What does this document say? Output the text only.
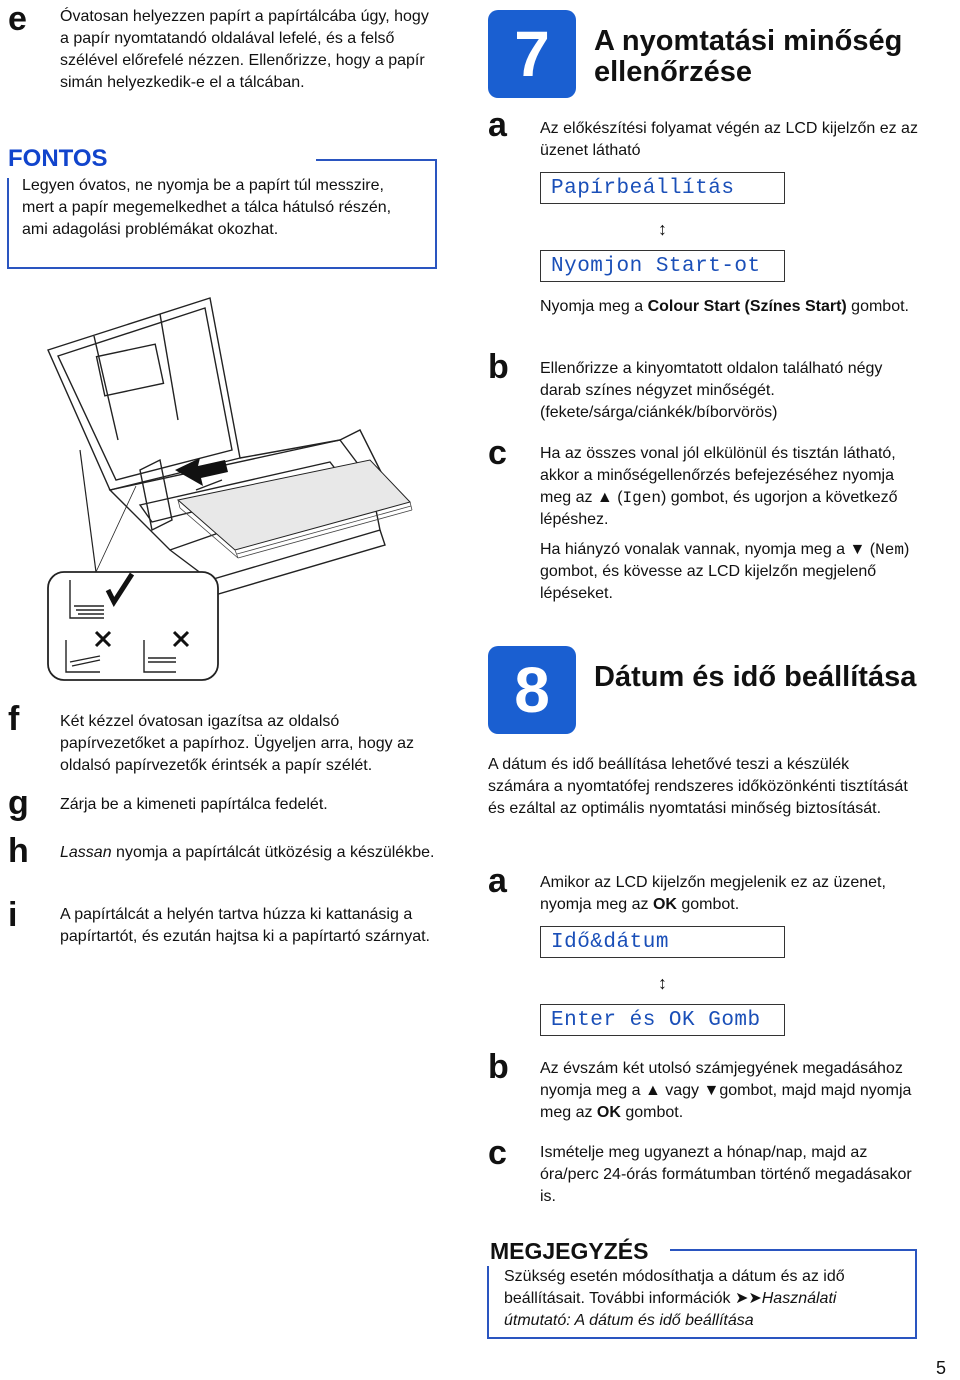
e Óvatosan helyezzen papírt a papírtálcába úgy, hogy a papír nyomtatandó oldalával lefelé, és a felső szélével előrefelé nézzen. Ellenőrizze, hogy a papír simán helyezkedik-e el a tálcában.
FONTOS
Legyen óvatos, ne nyomja be a papírt túl messzire, mert a papír megemelkedhet a tálca hátulsó részén, ami adagolási problémákat okozhat.
f	Két kézzel óvatosan igazítsa az oldalsó papírvezetőket a papírhoz. Ügyeljen arra, hogy az oldalsó papírvezetők érintsék a papír szélét.
g Zárja be a kimeneti papírtálca fedelét.
h Lassan nyomja a papírtálcát ütközésig a készülékbe.
i	A papírtálcát a helyén tartva húzza ki kattanásig a papírtartót, és ezután hajtsa ki a papírtartó szárnyat.
7	A nyomtatási minőség
ellenőrzése
a Az előkészítési folyamat végén az LCD kijelzőn ez az üzenet látható
Papírbeállítás
↕
Nyomjon Start-ot
Nyomja meg a Colour Start (Színes Start) gombot.
b Ellenőrizze a kinyomtatott oldalon található négy darab színes négyzet minőségét. (fekete/sárga/ciánkék/bíborvörös)
c Ha az összes vonal jól elkülönül és tisztán látható, akkor a minőségellenőrzés befejezéséhez nyomja meg az ▲ (Igen) gombot, és ugorjon a következő lépéshez.
Ha hiányzó vonalak vannak, nyomja meg a ▼ (Nem) gombot, és kövesse az LCD kijelzőn megjelenő lépéseket.
8	Dátum és idő beállítása
A dátum és idő beállítása lehetővé teszi a készülék számára a nyomtatófej rendszeres időközönkénti tisztítását és ezáltal az optimális nyomtatási minőség biztosítását.
a Amikor az LCD kijelzőn megjelenik ez az üzenet, nyomja meg az OK gombot.
Idő&dátum
↕
Enter és OK Gomb
b Az évszám két utolsó számjegyének megadásához nyomja meg a ▲ vagy ▼gombot, majd majd nyomja meg az OK gombot.
c Ismételje meg ugyanezt a hónap/nap, majd az óra/perc 24-órás formátumban történő megadásakor is.
MEGJEGYZÉS
Szükség esetén módosíthatja a dátum és az idő beállításait. További információk ➤➤Használati útmutató: A dátum és idő beállítása
5
